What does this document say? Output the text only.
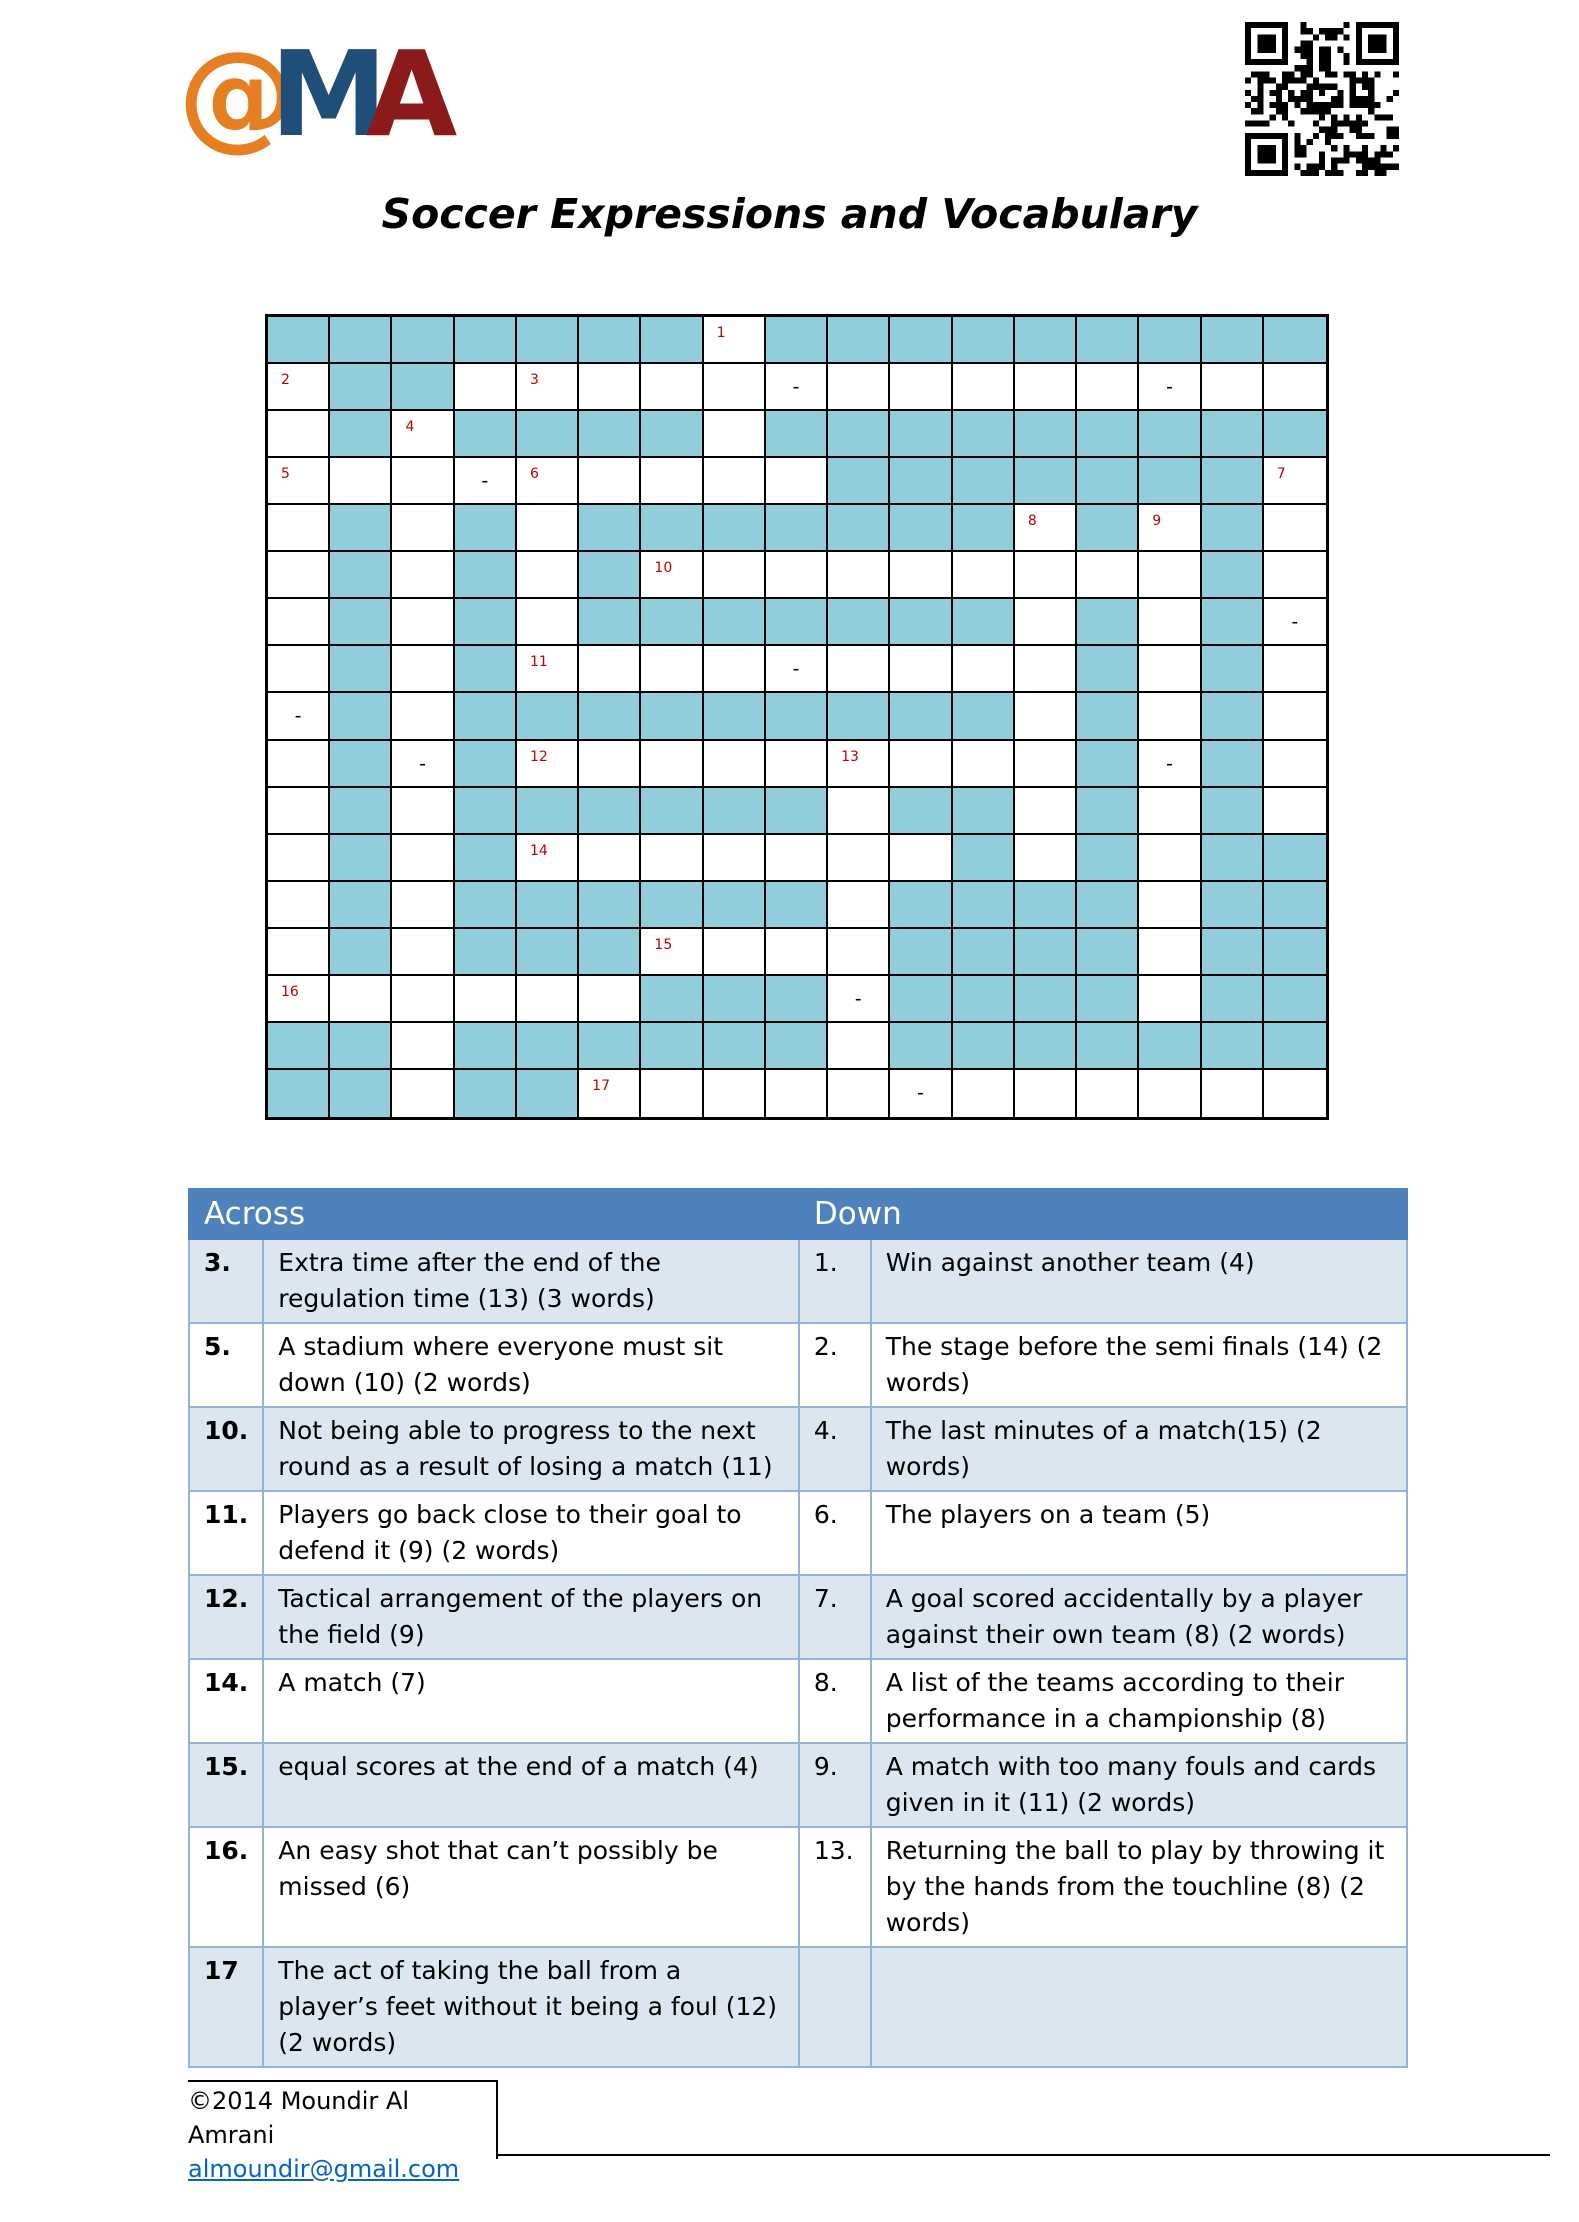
@
M
A
Soccer Expressions and Vocabulary
1
2	3	-	-
4
5	-	6	7
8	9
10
-
11	-
-
-	12	13	-
14
15
16	-
17	-
Across		Down	
3.	Extra time after the end of the regulation time (13) (3 words)	1.	Win against another team (4)
5.	A stadium where everyone must sit down (10) (2 words)	2.	The stage before the semi finals (14) (2 words)
10.	Not being able to progress to the next round as a result of losing a match (11)	4.	The last minutes of a match(15) (2 words)
11.	Players go back close to their goal to defend it (9) (2 words)	6.	The players on a team (5)
12.	Tactical arrangement of the players on the field (9)	7.	A goal scored accidentally by a player against their own team (8) (2 words)
14.	A match (7)	8.	A list of the teams according to their performance in a championship (8)
15.	equal scores at the end of a match (4)	9.	A match with too many fouls and cards given in it (11) (2 words)
16.	An easy shot that can’t possibly be missed (6)	13.	Returning the ball to play by throwing it by the hands from the touchline (8) (2 words)
17	The act of taking the ball from a player’s feet without it being a foul (12) (2 words)		
©2014 Moundir Al Amrani
almoundir@gmail.com
